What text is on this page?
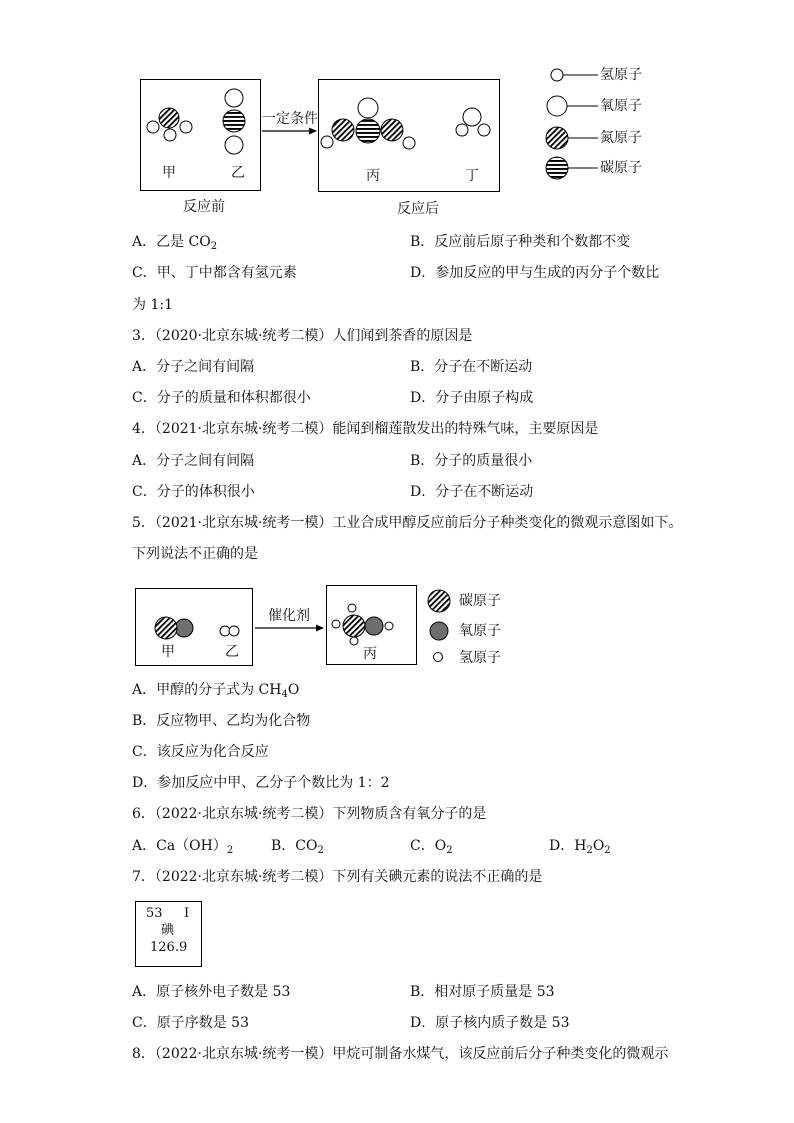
甲	乙
一定条件
丙	丁
反应前	反应后
氢原子
氧原子
氮原子
碳原子
A．乙是 $CO_2$	B．反应前后原子种类和个数都不变
C．甲、丁中都含有氢元素	D．参加反应的甲与生成的丙分子个数比
为 1:1
3．（2020·北京东城·统考二模）人们闻到茶香的原因是
A．分子之间有间隔	B．分子在不断运动
C．分子的质量和体积都很小	D．分子由原子构成
4．（2021·北京东城·统考二模）能闻到榴莲散发出的特殊气味，主要原因是
A．分子之间有间隔	B．分子的质量很小
C．分子的体积很小	D．分子在不断运动
5．（2021·北京东城·统考一模）工业合成甲醇反应前后分子种类变化的微观示意图如下。
下列说法不正确的是
甲	乙
催化剂
丙
碳原子
氧原子
氢原子
A．甲醇的分子式为 $CH_4O$
B．反应物甲、乙均为化合物
C．该反应为化合反应
D．参加反应中甲、乙分子个数比为 1：2
6．（2022·北京东城·统考二模）下列物质含有氧分子的是
A．$Ca(OH)_2$	B．$CO_2$	C．$O_2$	D．$H_2O_2$
7．（2022·北京东城·统考二模）下列有关碘元素的说法不正确的是
53 I
碘
126.9
A．原子核外电子数是 53	B．相对原子质量是 53
C．原子序数是 53	D．原子核内质子数是 53
8．（2022·北京东城·统考一模）甲烷可制备水煤气，该反应前后分子种类变化的微观示
